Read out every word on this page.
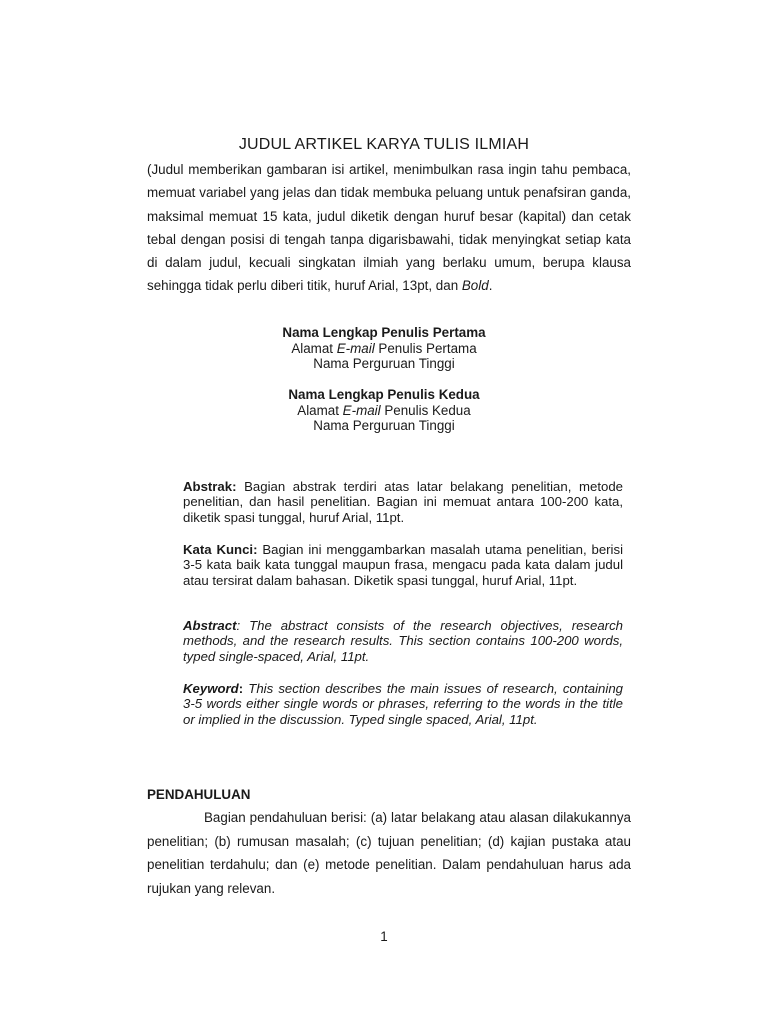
JUDUL ARTIKEL KARYA TULIS ILMIAH

(Judul memberikan gambaran isi artikel, menimbulkan rasa ingin tahu pembaca, memuat variabel yang jelas dan tidak membuka peluang untuk penafsiran ganda, maksimal memuat 15 kata, judul diketik dengan huruf besar (kapital) dan cetak tebal dengan posisi di tengah tanpa digarisbawahi, tidak menyingkat setiap kata di dalam judul, kecuali singkatan ilmiah yang berlaku umum, berupa klausa sehingga tidak perlu diberi titik, huruf Arial, 13pt, dan Bold.

Nama Lengkap Penulis Pertama
Alamat E-mail Penulis Pertama
Nama Perguruan Tinggi
Nama Lengkap Penulis Kedua
Alamat E-mail Penulis Kedua
Nama Perguruan Tinggi

Abstrak: Bagian abstrak terdiri atas latar belakang penelitian, metode penelitian, dan hasil penelitian. Bagian ini memuat antara 100-200 kata, diketik spasi tunggal, huruf Arial, 11pt.

Kata Kunci: Bagian ini menggambarkan masalah utama penelitian, berisi 3-5 kata baik kata tunggal maupun frasa, mengacu pada kata dalam judul atau tersirat dalam bahasan. Diketik spasi tunggal, huruf Arial, 11pt.

Abstract: The abstract consists of the research objectives, research methods, and the research results. This section contains 100-200 words, typed single-spaced, Arial, 11pt.

Keyword: This section describes the main issues of research, containing 3-5 words either single words or phrases, referring to the words in the title or implied in the discussion. Typed single spaced, Arial, 11pt.

PENDAHULUAN

Bagian pendahuluan berisi: (a) latar belakang atau alasan dilakukannya penelitian; (b) rumusan masalah; (c) tujuan penelitian; (d) kajian pustaka atau penelitian terdahulu; dan (e) metode penelitian. Dalam pendahuluan harus ada rujukan yang relevan.

1
